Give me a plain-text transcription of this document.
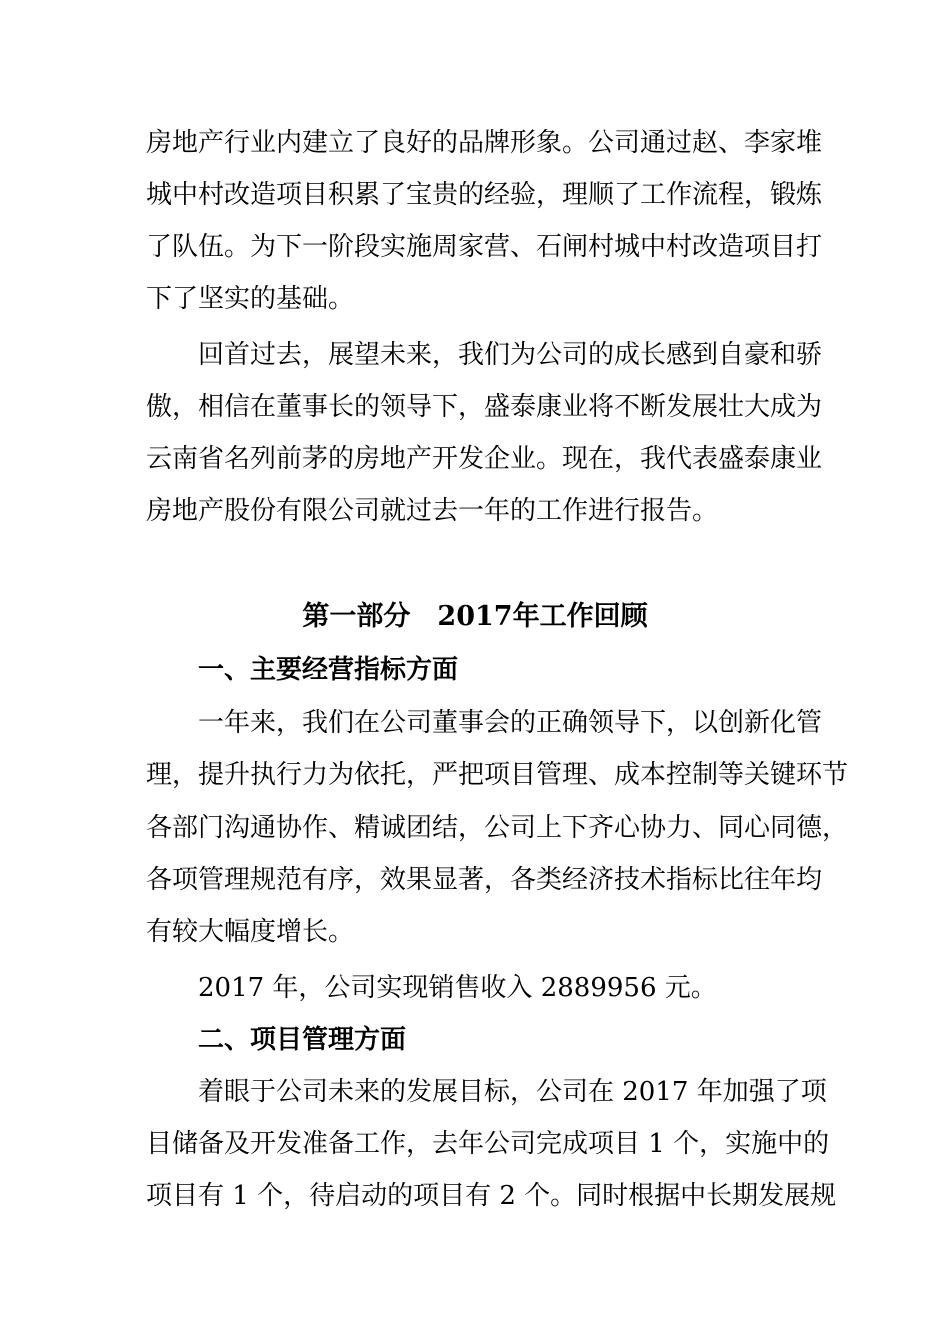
房地产行业内建立了良好的品牌形象。公司通过赵、李家堆
城中村改造项目积累了宝贵的经验，理顺了工作流程，锻炼
了队伍。为下一阶段实施周家营、石闸村城中村改造项目打
下了坚实的基础。
回首过去，展望未来，我们为公司的成长感到自豪和骄
傲，相信在董事长的领导下，盛泰康业将不断发展壮大成为
云南省名列前茅的房地产开发企业。现在，我代表盛泰康业
房地产股份有限公司就过去一年的工作进行报告。
第一部分　2017年工作回顾
一、主要经营指标方面
一年来，我们在公司董事会的正确领导下，以创新化管
理，提升执行力为依托，严把项目管理、成本控制等关键环节
各部门沟通协作、精诚团结，公司上下齐心协力、同心同德，
各项管理规范有序，效果显著，各类经济技术指标比往年均
有较大幅度增长。
2017 年，公司实现销售收入 2889956 元。
二、项目管理方面
着眼于公司未来的发展目标，公司在 2017 年加强了项
目储备及开发准备工作，去年公司完成项目 1 个，实施中的
项目有 1 个，待启动的项目有 2 个。同时根据中长期发展规
